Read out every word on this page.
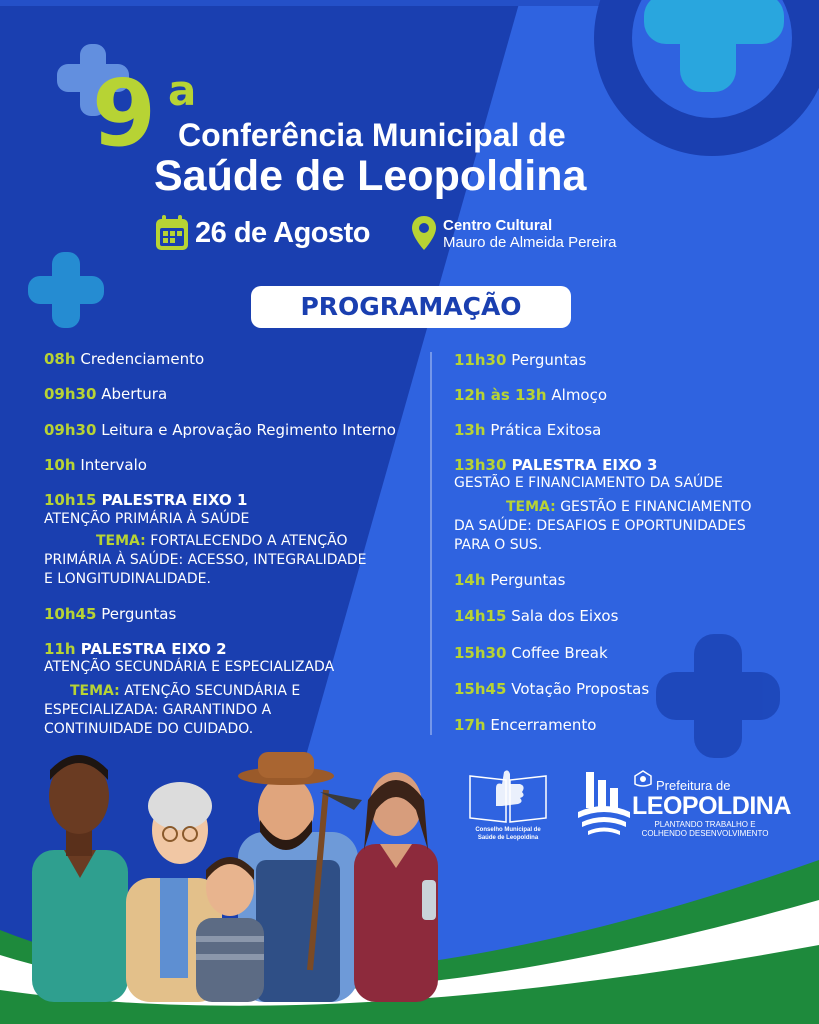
9 a
Conferência Municipal de
Saúde de Leopoldina
26 de Agosto	Centro Cultural
Mauro de Almeida Pereira
PROGRAMAÇÃO
08h Credenciamento
09h30 Abertura
09h30 Leitura e Aprovação Regimento Interno
10h Intervalo
10h15 PALESTRA EIXO 1
ATENÇÃO PRIMÁRIA À SAÚDE
TEMA: FORTALECENDO A ATENÇÃO
PRIMÁRIA À SAÚDE: ACESSO, INTEGRALIDADE
E LONGITUDINALIDADE.
10h45 Perguntas
11h PALESTRA EIXO 2
ATENÇÃO SECUNDÁRIA E ESPECIALIZADA
TEMA: ATENÇÃO SECUNDÁRIA E
ESPECIALIZADA: GARANTINDO A
CONTINUIDADE DO CUIDADO.
11h30 Perguntas
12h às 13h Almoço
13h Prática Exitosa
13h30 PALESTRA EIXO 3
GESTÃO E FINANCIAMENTO DA SAÚDE
TEMA: GESTÃO E FINANCIAMENTO
DA SAÚDE: DESAFIOS E OPORTUNIDADES
PARA O SUS.
14h Perguntas
14h15 Sala dos Eixos
15h30 Coffee Break
15h45 Votação Propostas
17h Encerramento
Conselho Municipal de
Saúde de Leopoldina
Prefeitura de
LEOPOLDINA
PLANTANDO TRABALHO E
COLHENDO DESENVOLVIMENTO
